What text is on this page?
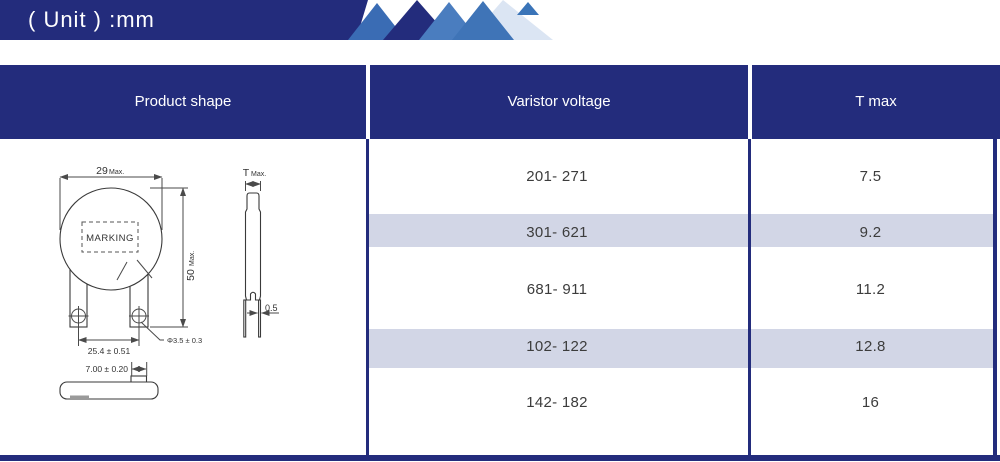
( Unit ) :mm
Product shape	Varistor voltage	T max
201- 271	7.5
301- 621	9.2
681- 911	11.2
102- 122	12.8
142- 182	16
MARKING
29 Max.
50
Max.
25.4 ± 0.51
Φ3.5 ± 0.3
7.00 ± 0.20
T Max.
0.5
